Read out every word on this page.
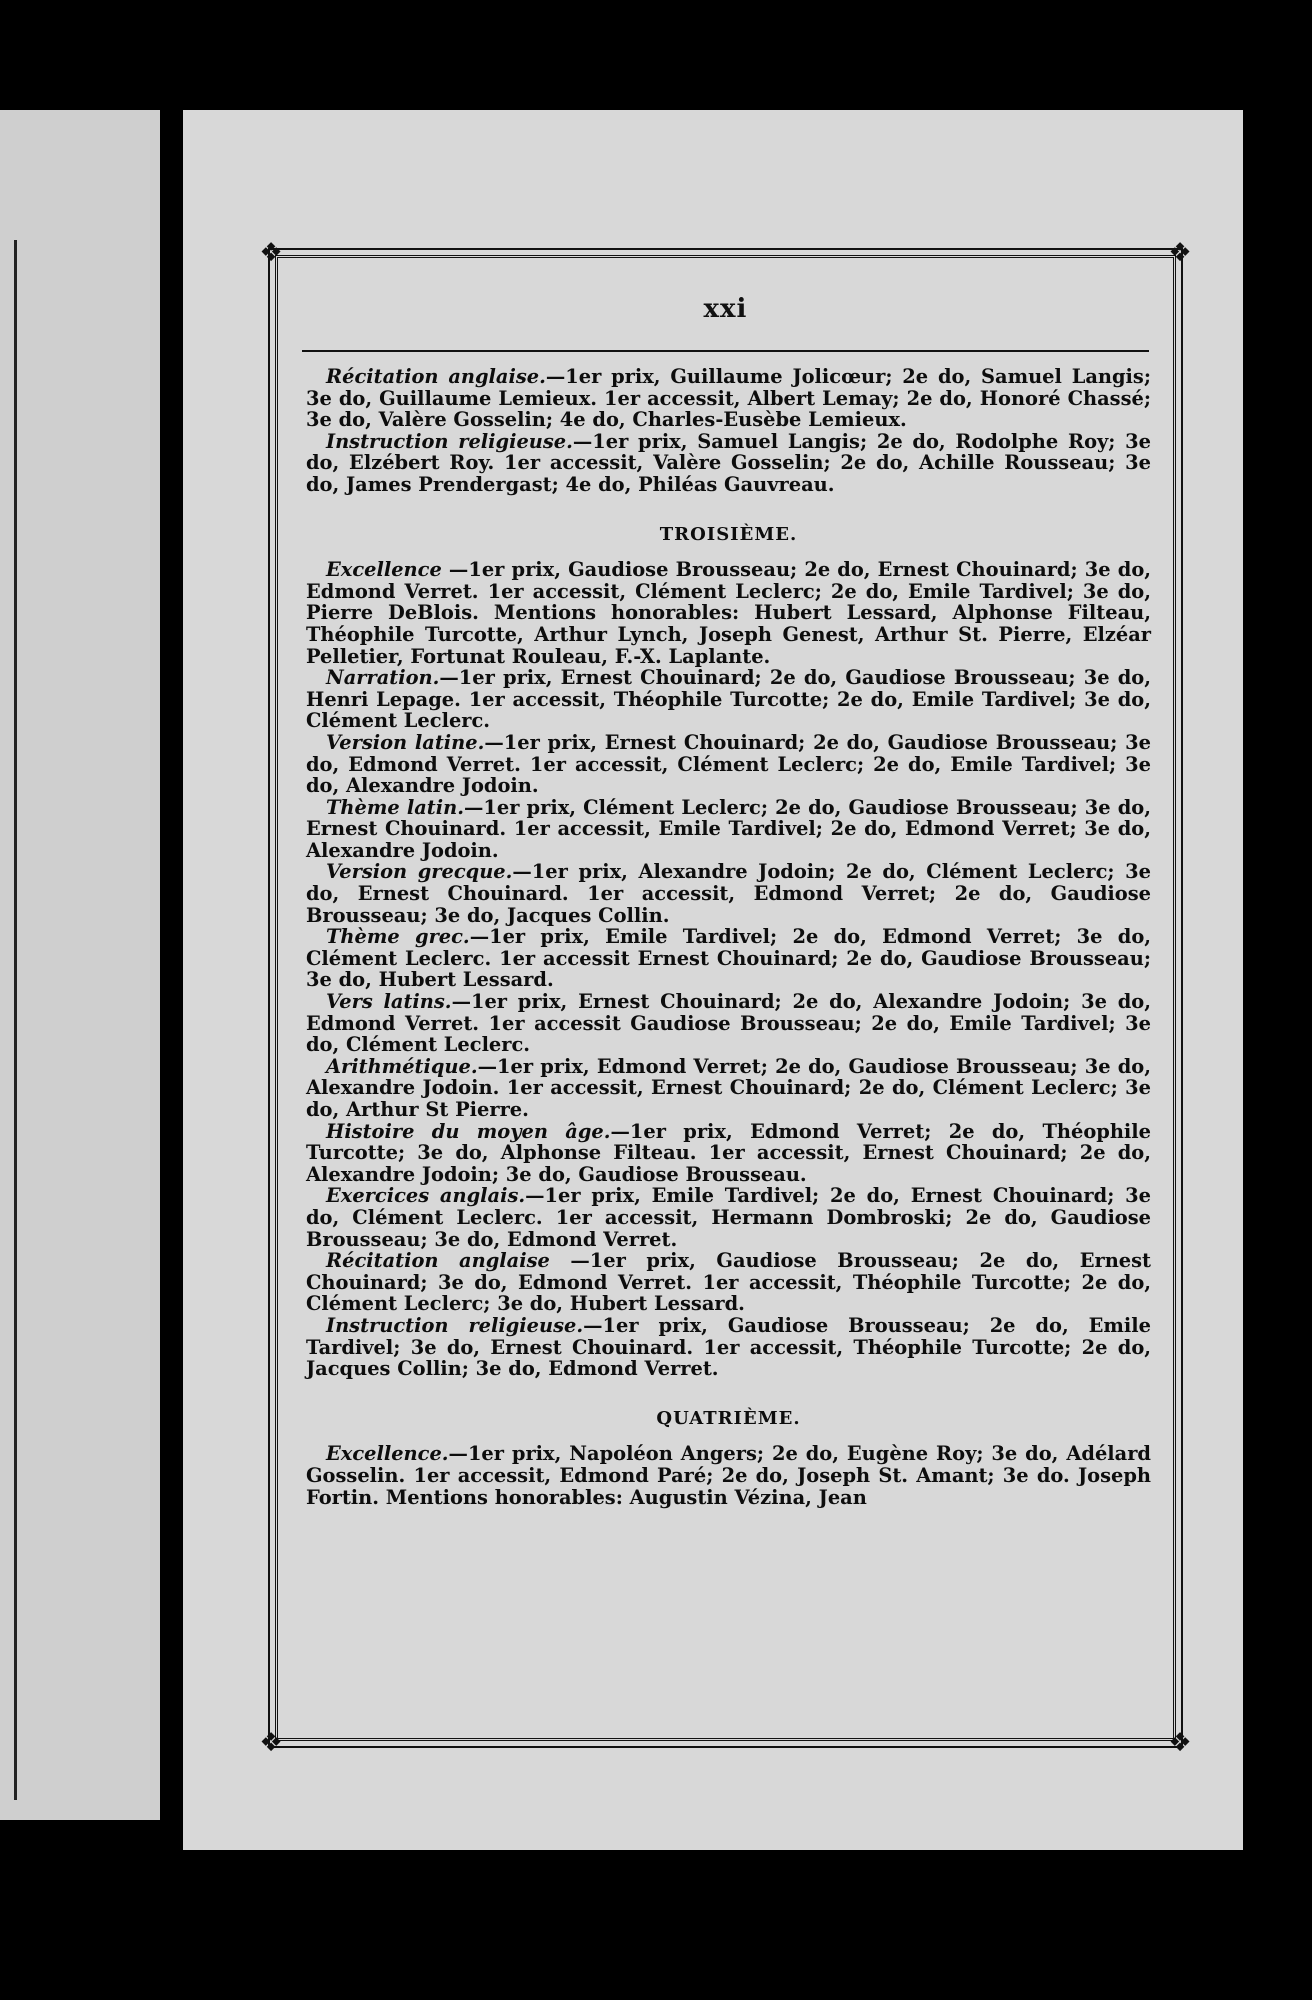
❖	❖
❖	❖
xxi

Récitation anglaise.—1er prix, Guillaume Jolicœur; 2e do, Samuel Langis; 3e do, Guillaume Lemieux. 1er accessit, Albert Lemay; 2e do, Honoré Chassé; 3e do, Valère Gosselin; 4e do, Charles-Eusèbe Lemieux.

Instruction religieuse.—1er prix, Samuel Langis; 2e do, Rodolphe Roy; 3e do, Elzébert Roy. 1er accessit, Valère Gosselin; 2e do, Achille Rousseau; 3e do, James Prendergast; 4e do, Philéas Gauvreau.

TROISIÈME.

Excellence —1er prix, Gaudiose Brousseau; 2e do, Ernest Chouinard; 3e do, Edmond Verret. 1er accessit, Clément Leclerc; 2e do, Emile Tardivel; 3e do, Pierre DeBlois. Mentions honorables: Hubert Lessard, Alphonse Filteau, Théophile Turcotte, Arthur Lynch, Joseph Genest, Arthur St. Pierre, Elzéar Pelletier, Fortunat Rouleau, F.-X. Laplante.

Narration.—1er prix, Ernest Chouinard; 2e do, Gaudiose Brousseau; 3e do, Henri Lepage. 1er accessit, Théophile Turcotte; 2e do, Emile Tardivel; 3e do, Clément Leclerc.

Version latine.—1er prix, Ernest Chouinard; 2e do, Gaudiose Brousseau; 3e do, Edmond Verret. 1er accessit, Clément Leclerc; 2e do, Emile Tardivel; 3e do, Alexandre Jodoin.

Thème latin.—1er prix, Clément Leclerc; 2e do, Gaudiose Brousseau; 3e do, Ernest Chouinard. 1er accessit, Emile Tardivel; 2e do, Edmond Verret; 3e do, Alexandre Jodoin.

Version grecque.—1er prix, Alexandre Jodoin; 2e do, Clément Leclerc; 3e do, Ernest Chouinard. 1er accessit, Edmond Verret; 2e do, Gaudiose Brousseau; 3e do, Jacques Collin.

Thème grec.—1er prix, Emile Tardivel; 2e do, Edmond Verret; 3e do, Clément Leclerc. 1er accessit Ernest Chouinard; 2e do, Gaudiose Brousseau; 3e do, Hubert Lessard.

Vers latins.—1er prix, Ernest Chouinard; 2e do, Alexandre Jodoin; 3e do, Edmond Verret. 1er accessit Gaudiose Brousseau; 2e do, Emile Tardivel; 3e do, Clément Leclerc.

Arithmétique.—1er prix, Edmond Verret; 2e do, Gaudiose Brousseau; 3e do, Alexandre Jodoin. 1er accessit, Ernest Chouinard; 2e do, Clément Leclerc; 3e do, Arthur St Pierre.

Histoire du moyen âge.—1er prix, Edmond Verret; 2e do, Théophile Turcotte; 3e do, Alphonse Filteau. 1er accessit, Ernest Chouinard; 2e do, Alexandre Jodoin; 3e do, Gaudiose Brousseau.

Exercices anglais.—1er prix, Emile Tardivel; 2e do, Ernest Chouinard; 3e do, Clément Leclerc. 1er accessit, Hermann Dombroski; 2e do, Gaudiose Brousseau; 3e do, Edmond Verret.

Récitation anglaise —1er prix, Gaudiose Brousseau; 2e do, Ernest Chouinard; 3e do, Edmond Verret. 1er accessit, Théophile Turcotte; 2e do, Clément Leclerc; 3e do, Hubert Lessard.

Instruction religieuse.—1er prix, Gaudiose Brousseau; 2e do, Emile Tardivel; 3e do, Ernest Chouinard. 1er accessit, Théophile Turcotte; 2e do, Jacques Collin; 3e do, Edmond Verret.

QUATRIÈME.

Excellence.—1er prix, Napoléon Angers; 2e do, Eugène Roy; 3e do, Adélard Gosselin. 1er accessit, Edmond Paré; 2e do, Joseph St. Amant; 3e do. Joseph Fortin. Mentions honorables: Augustin Vézina, Jean
